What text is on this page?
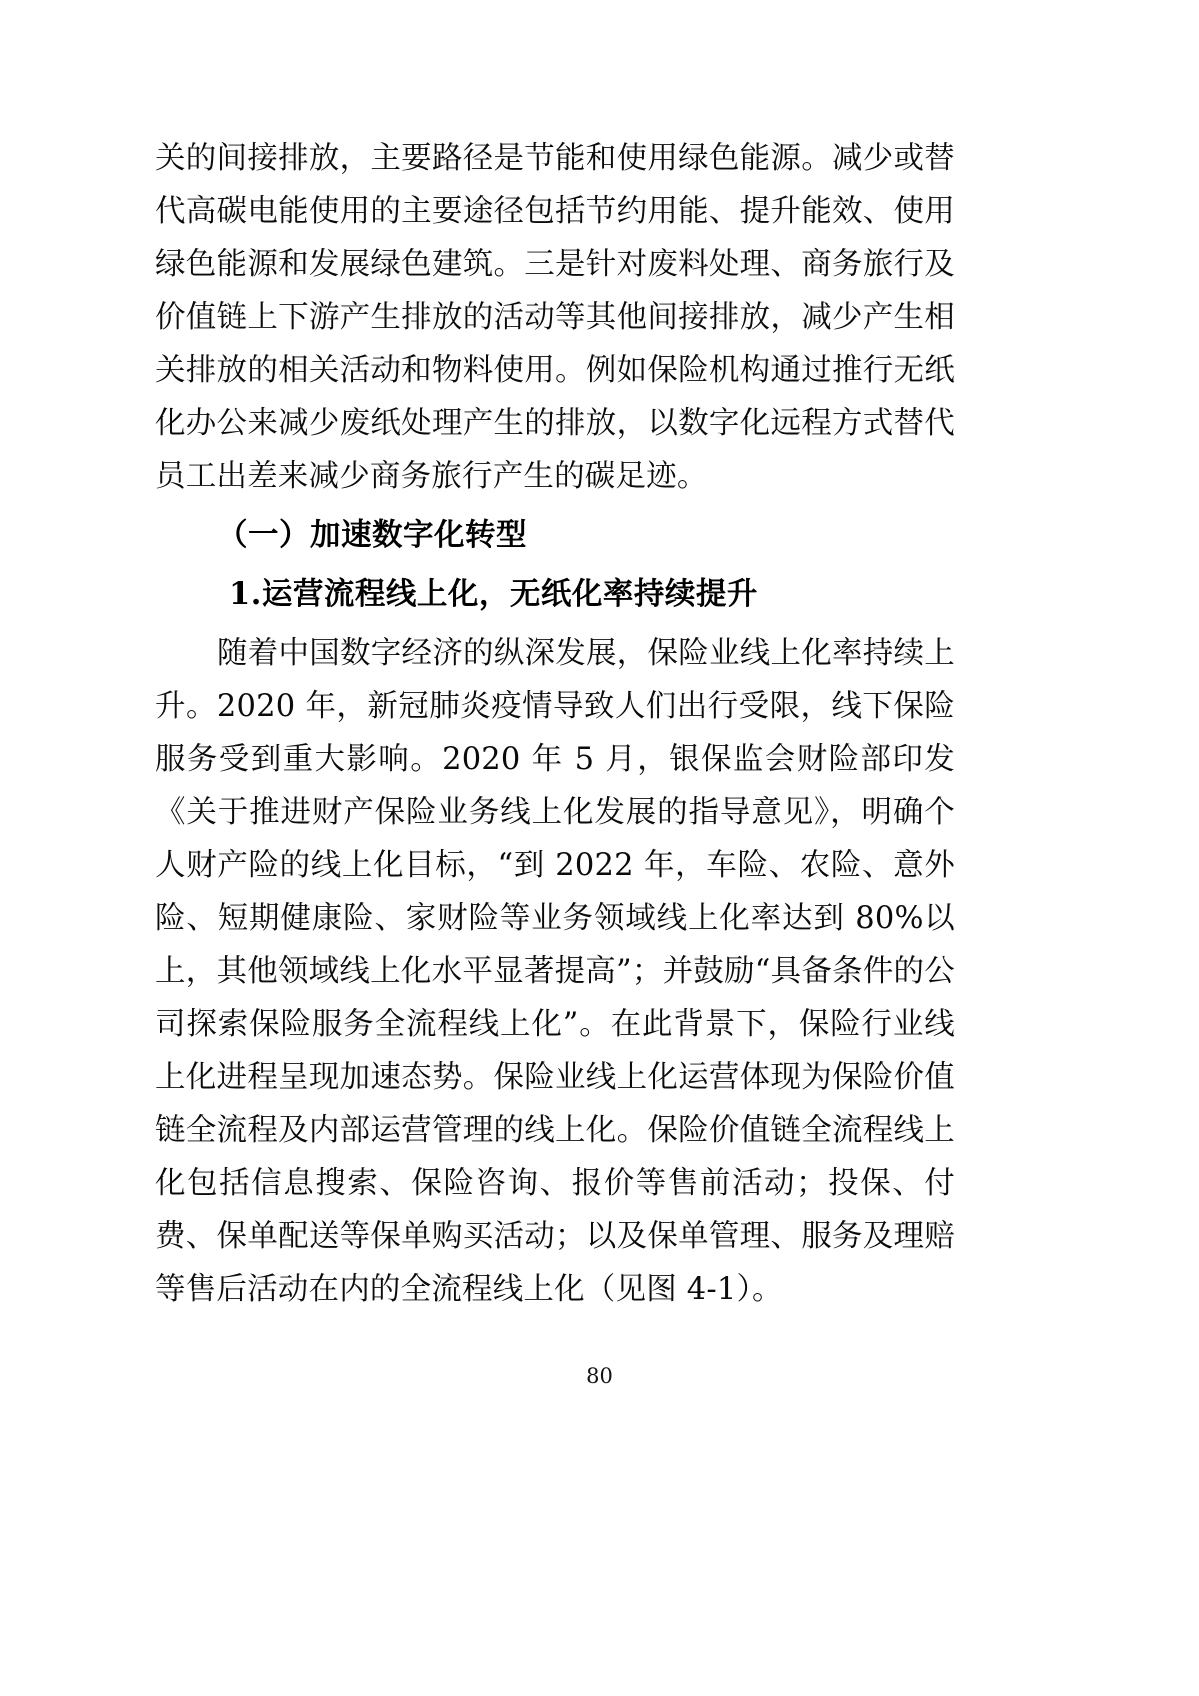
关的间接排放，主要路径是节能和使用绿色能源。减少或替代高碳电能使用的主要途径包括节约用能、提升能效、使用绿色能源和发展绿色建筑。三是针对废料处理、商务旅行及价值链上下游产生排放的活动等其他间接排放，减少产生相关排放的相关活动和物料使用。例如保险机构通过推行无纸化办公来减少废纸处理产生的排放，以数字化远程方式替代员工出差来减少商务旅行产生的碳足迹。

（一）加速数字化转型
1.运营流程线上化，无纸化率持续提升

随着中国数字经济的纵深发展，保险业线上化率持续上升。2020 年，新冠肺炎疫情导致人们出行受限，线下保险服务受到重大影响。2020 年 5 月，银保监会财险部印发《关于推进财产保险业务线上化发展的指导意见》，明确个人财产险的线上化目标，“到 2022 年，车险、农险、意外险、短期健康险、家财险等业务领域线上化率达到 80%以上，其他领域线上化水平显著提高”；并鼓励“具备条件的公司探索保险服务全流程线上化”。在此背景下，保险行业线上化进程呈现加速态势。保险业线上化运营体现为保险价值链全流程及内部运营管理的线上化。保险价值链全流程线上化包括信息搜索、保险咨询、报价等售前活动；投保、付费、保单配送等保单购买活动；以及保单管理、服务及理赔等售后活动在内的全流程线上化（见图 4-1）。

80
